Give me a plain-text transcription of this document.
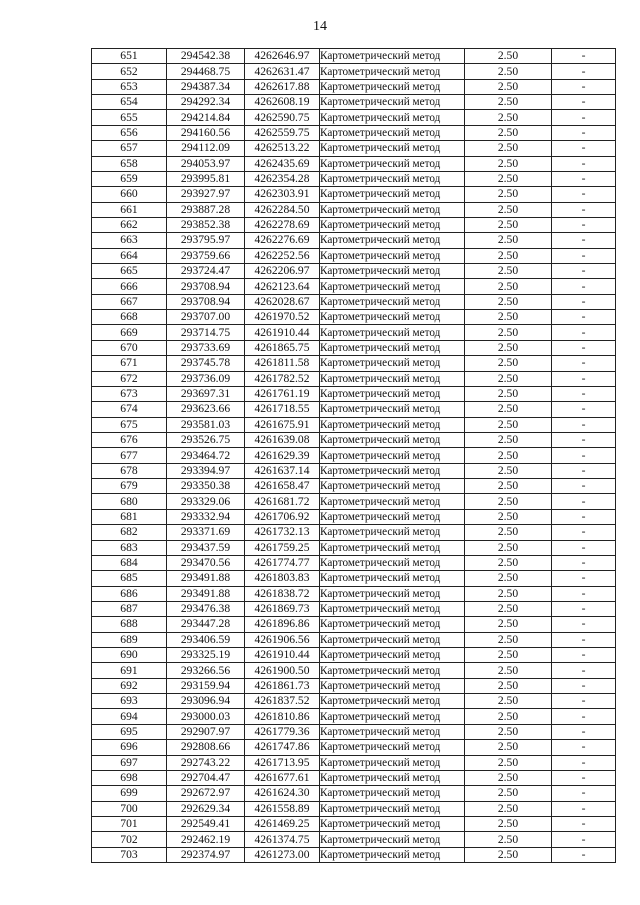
14
651	294542.38	4262646.97	Картометрический метод	2.50	-
652	294468.75	4262631.47	Картометрический метод	2.50	-
653	294387.34	4262617.88	Картометрический метод	2.50	-
654	294292.34	4262608.19	Картометрический метод	2.50	-
655	294214.84	4262590.75	Картометрический метод	2.50	-
656	294160.56	4262559.75	Картометрический метод	2.50	-
657	294112.09	4262513.22	Картометрический метод	2.50	-
658	294053.97	4262435.69	Картометрический метод	2.50	-
659	293995.81	4262354.28	Картометрический метод	2.50	-
660	293927.97	4262303.91	Картометрический метод	2.50	-
661	293887.28	4262284.50	Картометрический метод	2.50	-
662	293852.38	4262278.69	Картометрический метод	2.50	-
663	293795.97	4262276.69	Картометрический метод	2.50	-
664	293759.66	4262252.56	Картометрический метод	2.50	-
665	293724.47	4262206.97	Картометрический метод	2.50	-
666	293708.94	4262123.64	Картометрический метод	2.50	-
667	293708.94	4262028.67	Картометрический метод	2.50	-
668	293707.00	4261970.52	Картометрический метод	2.50	-
669	293714.75	4261910.44	Картометрический метод	2.50	-
670	293733.69	4261865.75	Картометрический метод	2.50	-
671	293745.78	4261811.58	Картометрический метод	2.50	-
672	293736.09	4261782.52	Картометрический метод	2.50	-
673	293697.31	4261761.19	Картометрический метод	2.50	-
674	293623.66	4261718.55	Картометрический метод	2.50	-
675	293581.03	4261675.91	Картометрический метод	2.50	-
676	293526.75	4261639.08	Картометрический метод	2.50	-
677	293464.72	4261629.39	Картометрический метод	2.50	-
678	293394.97	4261637.14	Картометрический метод	2.50	-
679	293350.38	4261658.47	Картометрический метод	2.50	-
680	293329.06	4261681.72	Картометрический метод	2.50	-
681	293332.94	4261706.92	Картометрический метод	2.50	-
682	293371.69	4261732.13	Картометрический метод	2.50	-
683	293437.59	4261759.25	Картометрический метод	2.50	-
684	293470.56	4261774.77	Картометрический метод	2.50	-
685	293491.88	4261803.83	Картометрический метод	2.50	-
686	293491.88	4261838.72	Картометрический метод	2.50	-
687	293476.38	4261869.73	Картометрический метод	2.50	-
688	293447.28	4261896.86	Картометрический метод	2.50	-
689	293406.59	4261906.56	Картометрический метод	2.50	-
690	293325.19	4261910.44	Картометрический метод	2.50	-
691	293266.56	4261900.50	Картометрический метод	2.50	-
692	293159.94	4261861.73	Картометрический метод	2.50	-
693	293096.94	4261837.52	Картометрический метод	2.50	-
694	293000.03	4261810.86	Картометрический метод	2.50	-
695	292907.97	4261779.36	Картометрический метод	2.50	-
696	292808.66	4261747.86	Картометрический метод	2.50	-
697	292743.22	4261713.95	Картометрический метод	2.50	-
698	292704.47	4261677.61	Картометрический метод	2.50	-
699	292672.97	4261624.30	Картометрический метод	2.50	-
700	292629.34	4261558.89	Картометрический метод	2.50	-
701	292549.41	4261469.25	Картометрический метод	2.50	-
702	292462.19	4261374.75	Картометрический метод	2.50	-
703	292374.97	4261273.00	Картометрический метод	2.50	-
